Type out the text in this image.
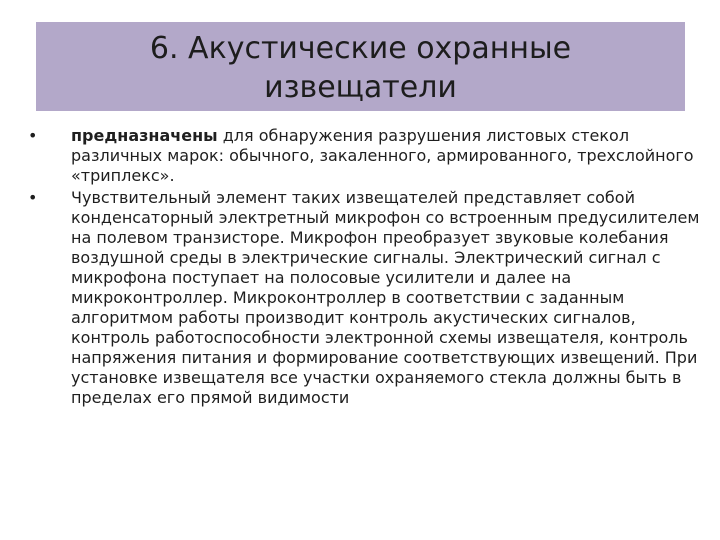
6. Акустические охранные извещатели
• предназначены для обнаружения разрушения листовых стекол различных марок: обычного, закаленного, армированного, трехслойного «триплекс».
• Чувствительный элемент таких извещателей представляет собой конденсаторный электретный микрофон со встроенным предусилителем на полевом транзисторе. Микрофон преобразует звуковые колебания воздушной среды в электрические сигналы. Электрический сигнал с микрофона поступает на полосовые усилители и далее на микроконтроллер. Микроконтроллер в соответствии с заданным алгоритмом работы производит контроль акустических сигналов, контроль работоспособности электронной схемы извещателя, контроль напряжения питания и формирование соответствующих извещений. При установке извещателя все участки охраняемого стекла должны быть в пределах его прямой видимости
